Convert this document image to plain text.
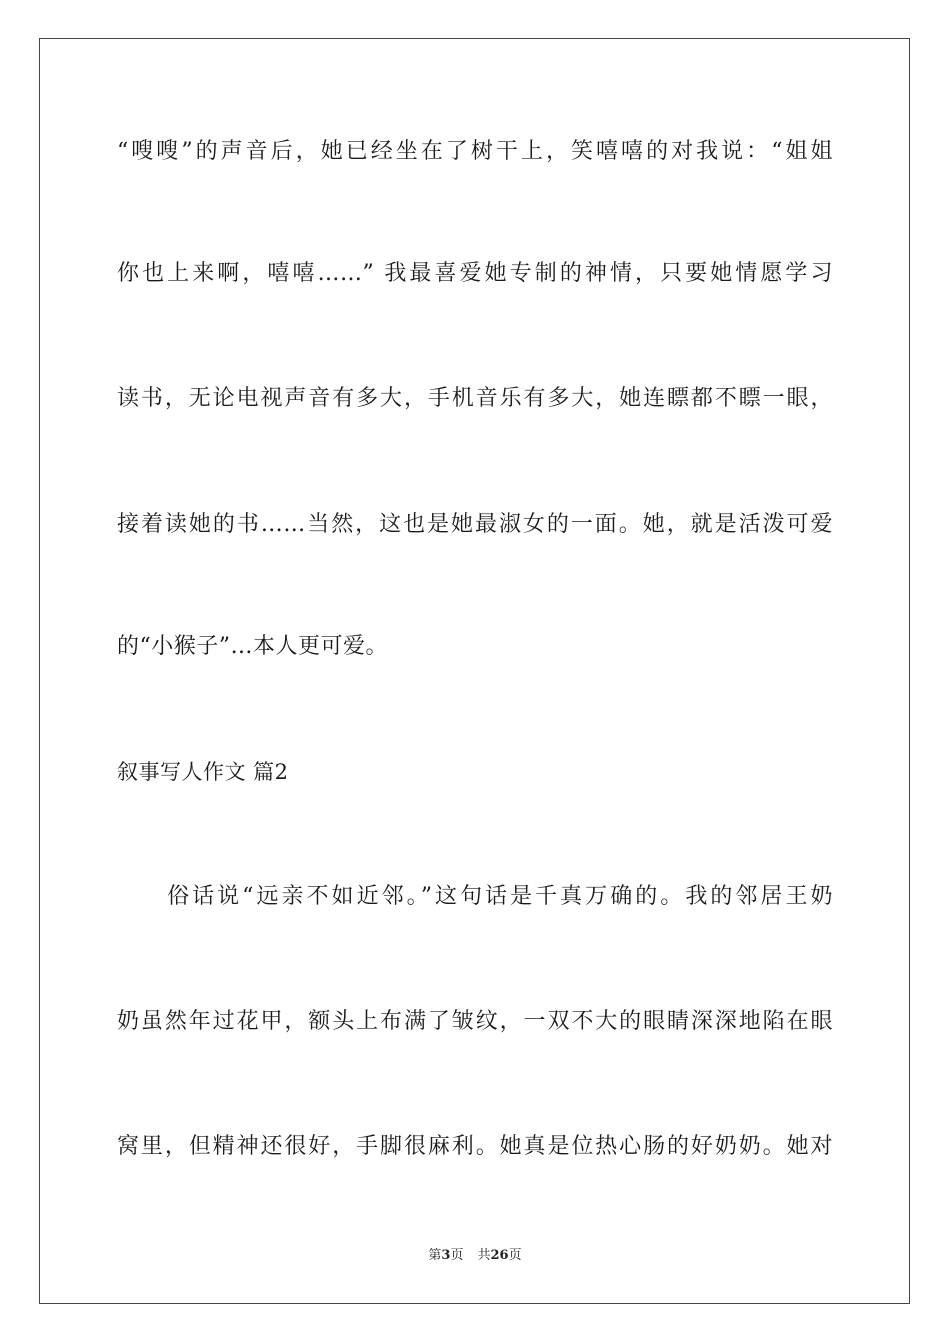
“嗖嗖”的声音后，她已经坐在了树干上，笑嘻嘻的对我说：“姐姐
你也上来啊，嘻嘻……” 我最喜爱她专制的神情，只要她情愿学习
读书，无论电视声音有多大，手机音乐有多大，她连瞟都不瞟一眼，
接着读她的书……当然，这也是她最淑女的一面。她，就是活泼可爱
的“小猴子”…本人更可爱。
叙事写人作文 篇2
　　俗话说“远亲不如近邻。”这句话是千真万确的。我的邻居王奶
奶虽然年过花甲，额头上布满了皱纹，一双不大的眼睛深深地陷在眼
窝里，但精神还很好，手脚很麻利。她真是位热心肠的好奶奶。她对
第3页 共26页
